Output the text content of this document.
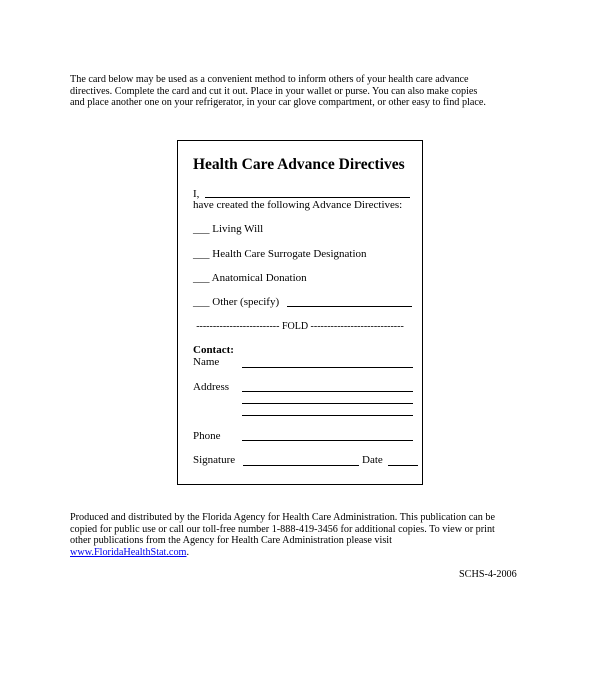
The card below may be used as a convenient method to inform others of your health care advance

directives. Complete the card and cut it out. Place in your wallet or purse. You can also make copies

and place another one on your refrigerator, in your car glove compartment, or other easy to find place.

Health Care Advance Directives
I,
have created the following Advance Directives:
___ Living Will
___ Health Care Surrogate Designation
___ Anatomical Donation
___ Other (specify)
------------------------- FOLD ----------------------------
Contact:
Name
Address
Phone
Signature	Date

Produced and distributed by the Florida Agency for Health Care Administration. This publication can be

copied for public use or call our toll-free number 1-888-419-3456 for additional copies. To view or print

other publications from the Agency for Health Care Administration please visit

www.FloridaHealthStat.com.

SCHS-4-2006
